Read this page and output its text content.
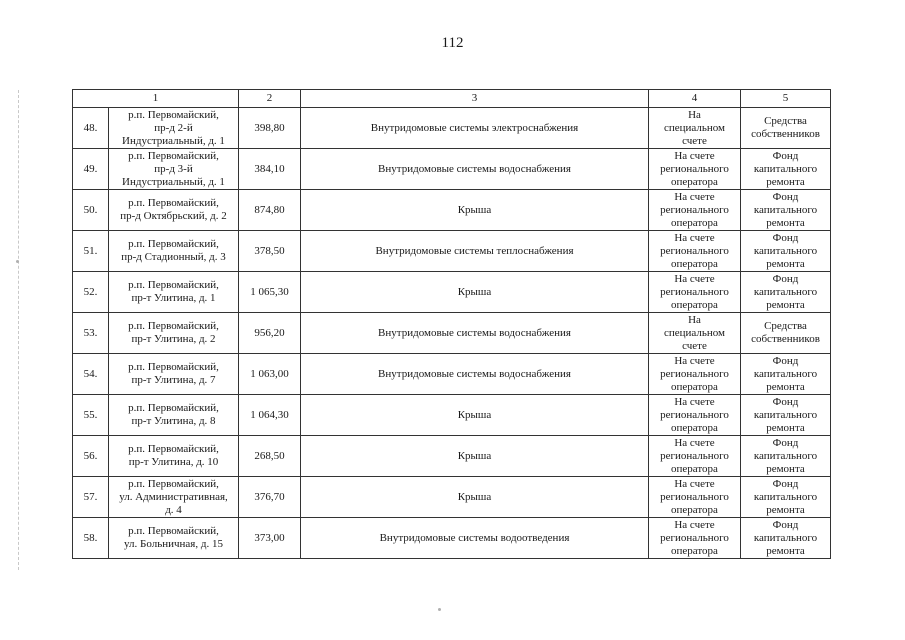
112
1		2	3	4	5
48.	р.п. Первомайский,
пр-д 2-й
Индустриальный, д. 1	398,80	Внутридомовые системы электроснабжения	На
специальном
счете	Средства
собственников
49.	р.п. Первомайский,
пр-д 3-й
Индустриальный, д. 1	384,10	Внутридомовые системы водоснабжения	На счете
регионального
оператора	Фонд
капитального
ремонта
50.	р.п. Первомайский,
пр-д Октябрьский, д. 2	874,80	Крыша	На счете
регионального
оператора	Фонд
капитального
ремонта
51.	р.п. Первомайский,
пр-д Стадионный, д. 3	378,50	Внутридомовые системы теплоснабжения	На счете
регионального
оператора	Фонд
капитального
ремонта
52.	р.п. Первомайский,
пр-т Улитина, д. 1	1 065,30	Крыша	На счете
регионального
оператора	Фонд
капитального
ремонта
53.	р.п. Первомайский,
пр-т Улитина, д. 2	956,20	Внутридомовые системы водоснабжения	На
специальном
счете	Средства
собственников
54.	р.п. Первомайский,
пр-т Улитина, д. 7	1 063,00	Внутридомовые системы водоснабжения	На счете
регионального
оператора	Фонд
капитального
ремонта
55.	р.п. Первомайский,
пр-т Улитина, д. 8	1 064,30	Крыша	На счете
регионального
оператора	Фонд
капитального
ремонта
56.	р.п. Первомайский,
пр-т Улитина, д. 10	268,50	Крыша	На счете
регионального
оператора	Фонд
капитального
ремонта
57.	р.п. Первомайский,
ул. Административная,
д. 4	376,70	Крыша	На счете
регионального
оператора	Фонд
капитального
ремонта
58.	р.п. Первомайский,
ул. Больничная, д. 15	373,00	Внутридомовые системы водоотведения	На счете
регионального
оператора	Фонд
капитального
ремонта
